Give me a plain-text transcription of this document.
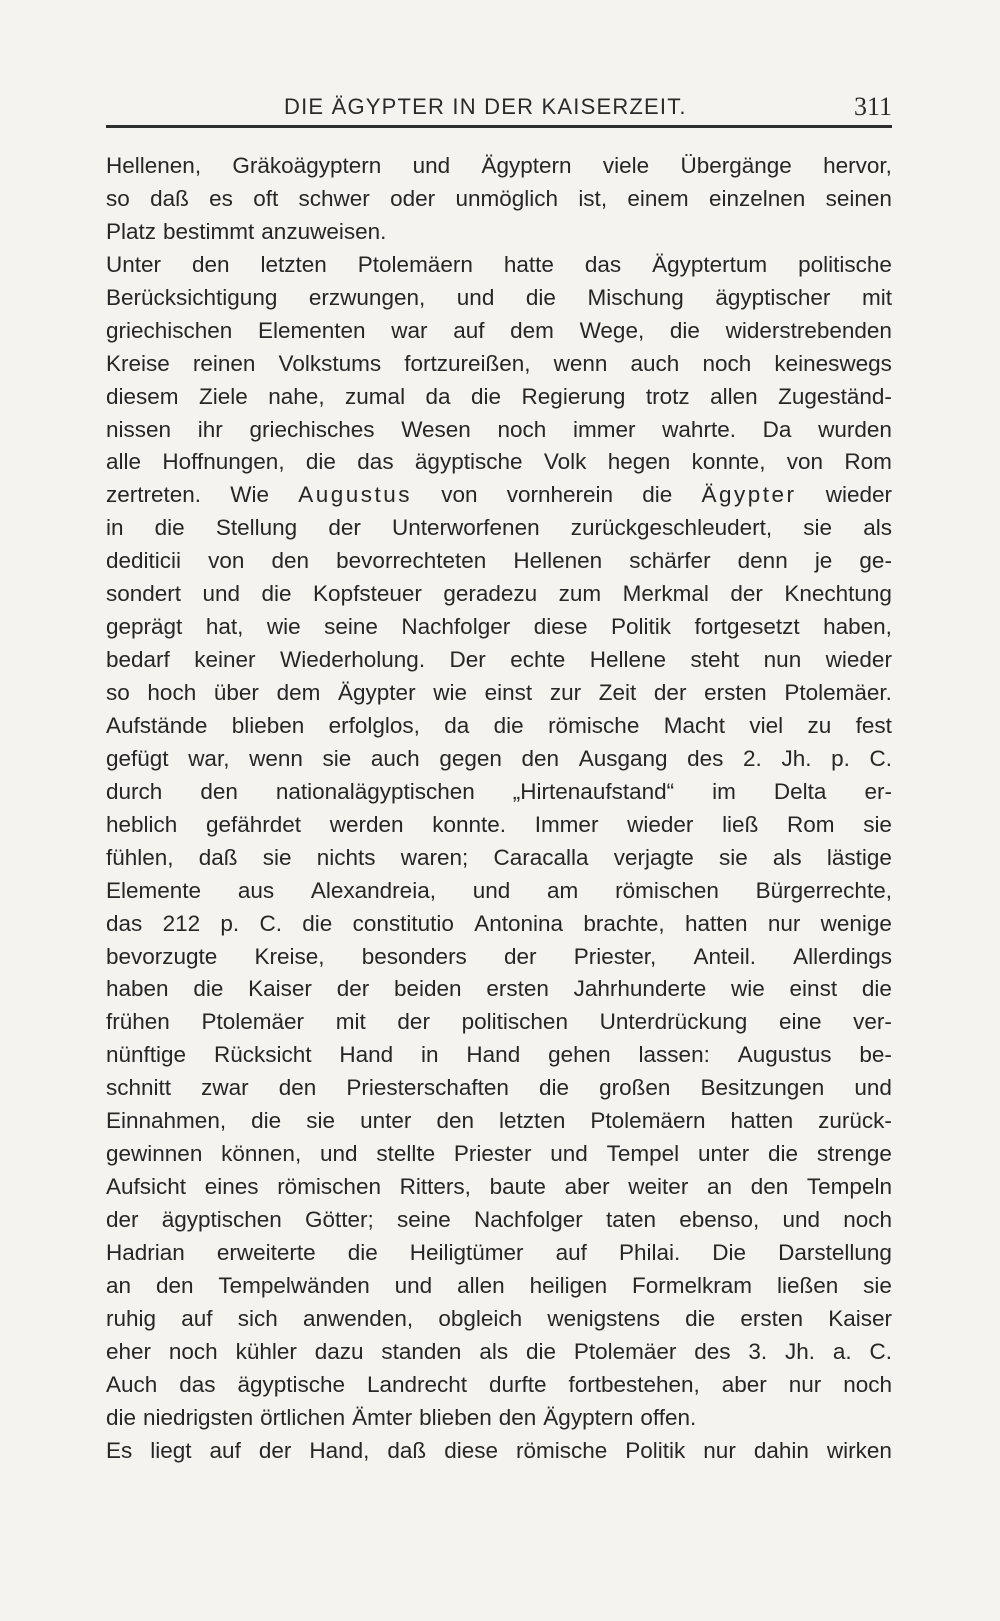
DIE ÄGYPTER IN DER KAISERZEIT.	311
Hellenen, Gräkoägyptern und Ägyptern viele Übergänge hervor,
so daß es oft schwer oder unmöglich ist, einem einzelnen seinen
Platz bestimmt anzuweisen.
Unter den letzten Ptolemäern hatte das Ägyptertum politische
Berücksichtigung erzwungen, und die Mischung ägyptischer mit
griechischen Elementen war auf dem Wege, die widerstrebenden
Kreise reinen Volkstums fortzureißen, wenn auch noch keineswegs
diesem Ziele nahe, zumal da die Regierung trotz allen Zugeständ-
nissen ihr griechisches Wesen noch immer wahrte. Da wurden
alle Hoffnungen, die das ägyptische Volk hegen konnte, von Rom
zertreten. Wie Augustus von vornherein die Ägypter wieder
in die Stellung der Unterworfenen zurückgeschleudert, sie als
dediticii von den bevorrechteten Hellenen schärfer denn je ge-
sondert und die Kopfsteuer geradezu zum Merkmal der Knechtung
geprägt hat, wie seine Nachfolger diese Politik fortgesetzt haben,
bedarf keiner Wiederholung. Der echte Hellene steht nun wieder
so hoch über dem Ägypter wie einst zur Zeit der ersten Ptolemäer.
Aufstände blieben erfolglos, da die römische Macht viel zu fest
gefügt war, wenn sie auch gegen den Ausgang des 2. Jh. p. C.
durch den nationalägyptischen „Hirtenaufstand“ im Delta er-
heblich gefährdet werden konnte. Immer wieder ließ Rom sie
fühlen, daß sie nichts waren; Caracalla verjagte sie als lästige
Elemente aus Alexandreia, und am römischen Bürgerrechte,
das 212 p. C. die constitutio Antonina brachte, hatten nur wenige
bevorzugte Kreise, besonders der Priester, Anteil. Allerdings
haben die Kaiser der beiden ersten Jahrhunderte wie einst die
frühen Ptolemäer mit der politischen Unterdrückung eine ver-
nünftige Rücksicht Hand in Hand gehen lassen: Augustus be-
schnitt zwar den Priesterschaften die großen Besitzungen und
Einnahmen, die sie unter den letzten Ptolemäern hatten zurück-
gewinnen können, und stellte Priester und Tempel unter die strenge
Aufsicht eines römischen Ritters, baute aber weiter an den Tempeln
der ägyptischen Götter; seine Nachfolger taten ebenso, und noch
Hadrian erweiterte die Heiligtümer auf Philai. Die Darstellung
an den Tempelwänden und allen heiligen Formelkram ließen sie
ruhig auf sich anwenden, obgleich wenigstens die ersten Kaiser
eher noch kühler dazu standen als die Ptolemäer des 3. Jh. a. C.
Auch das ägyptische Landrecht durfte fortbestehen, aber nur noch
die niedrigsten örtlichen Ämter blieben den Ägyptern offen.
Es liegt auf der Hand, daß diese römische Politik nur dahin wirken
